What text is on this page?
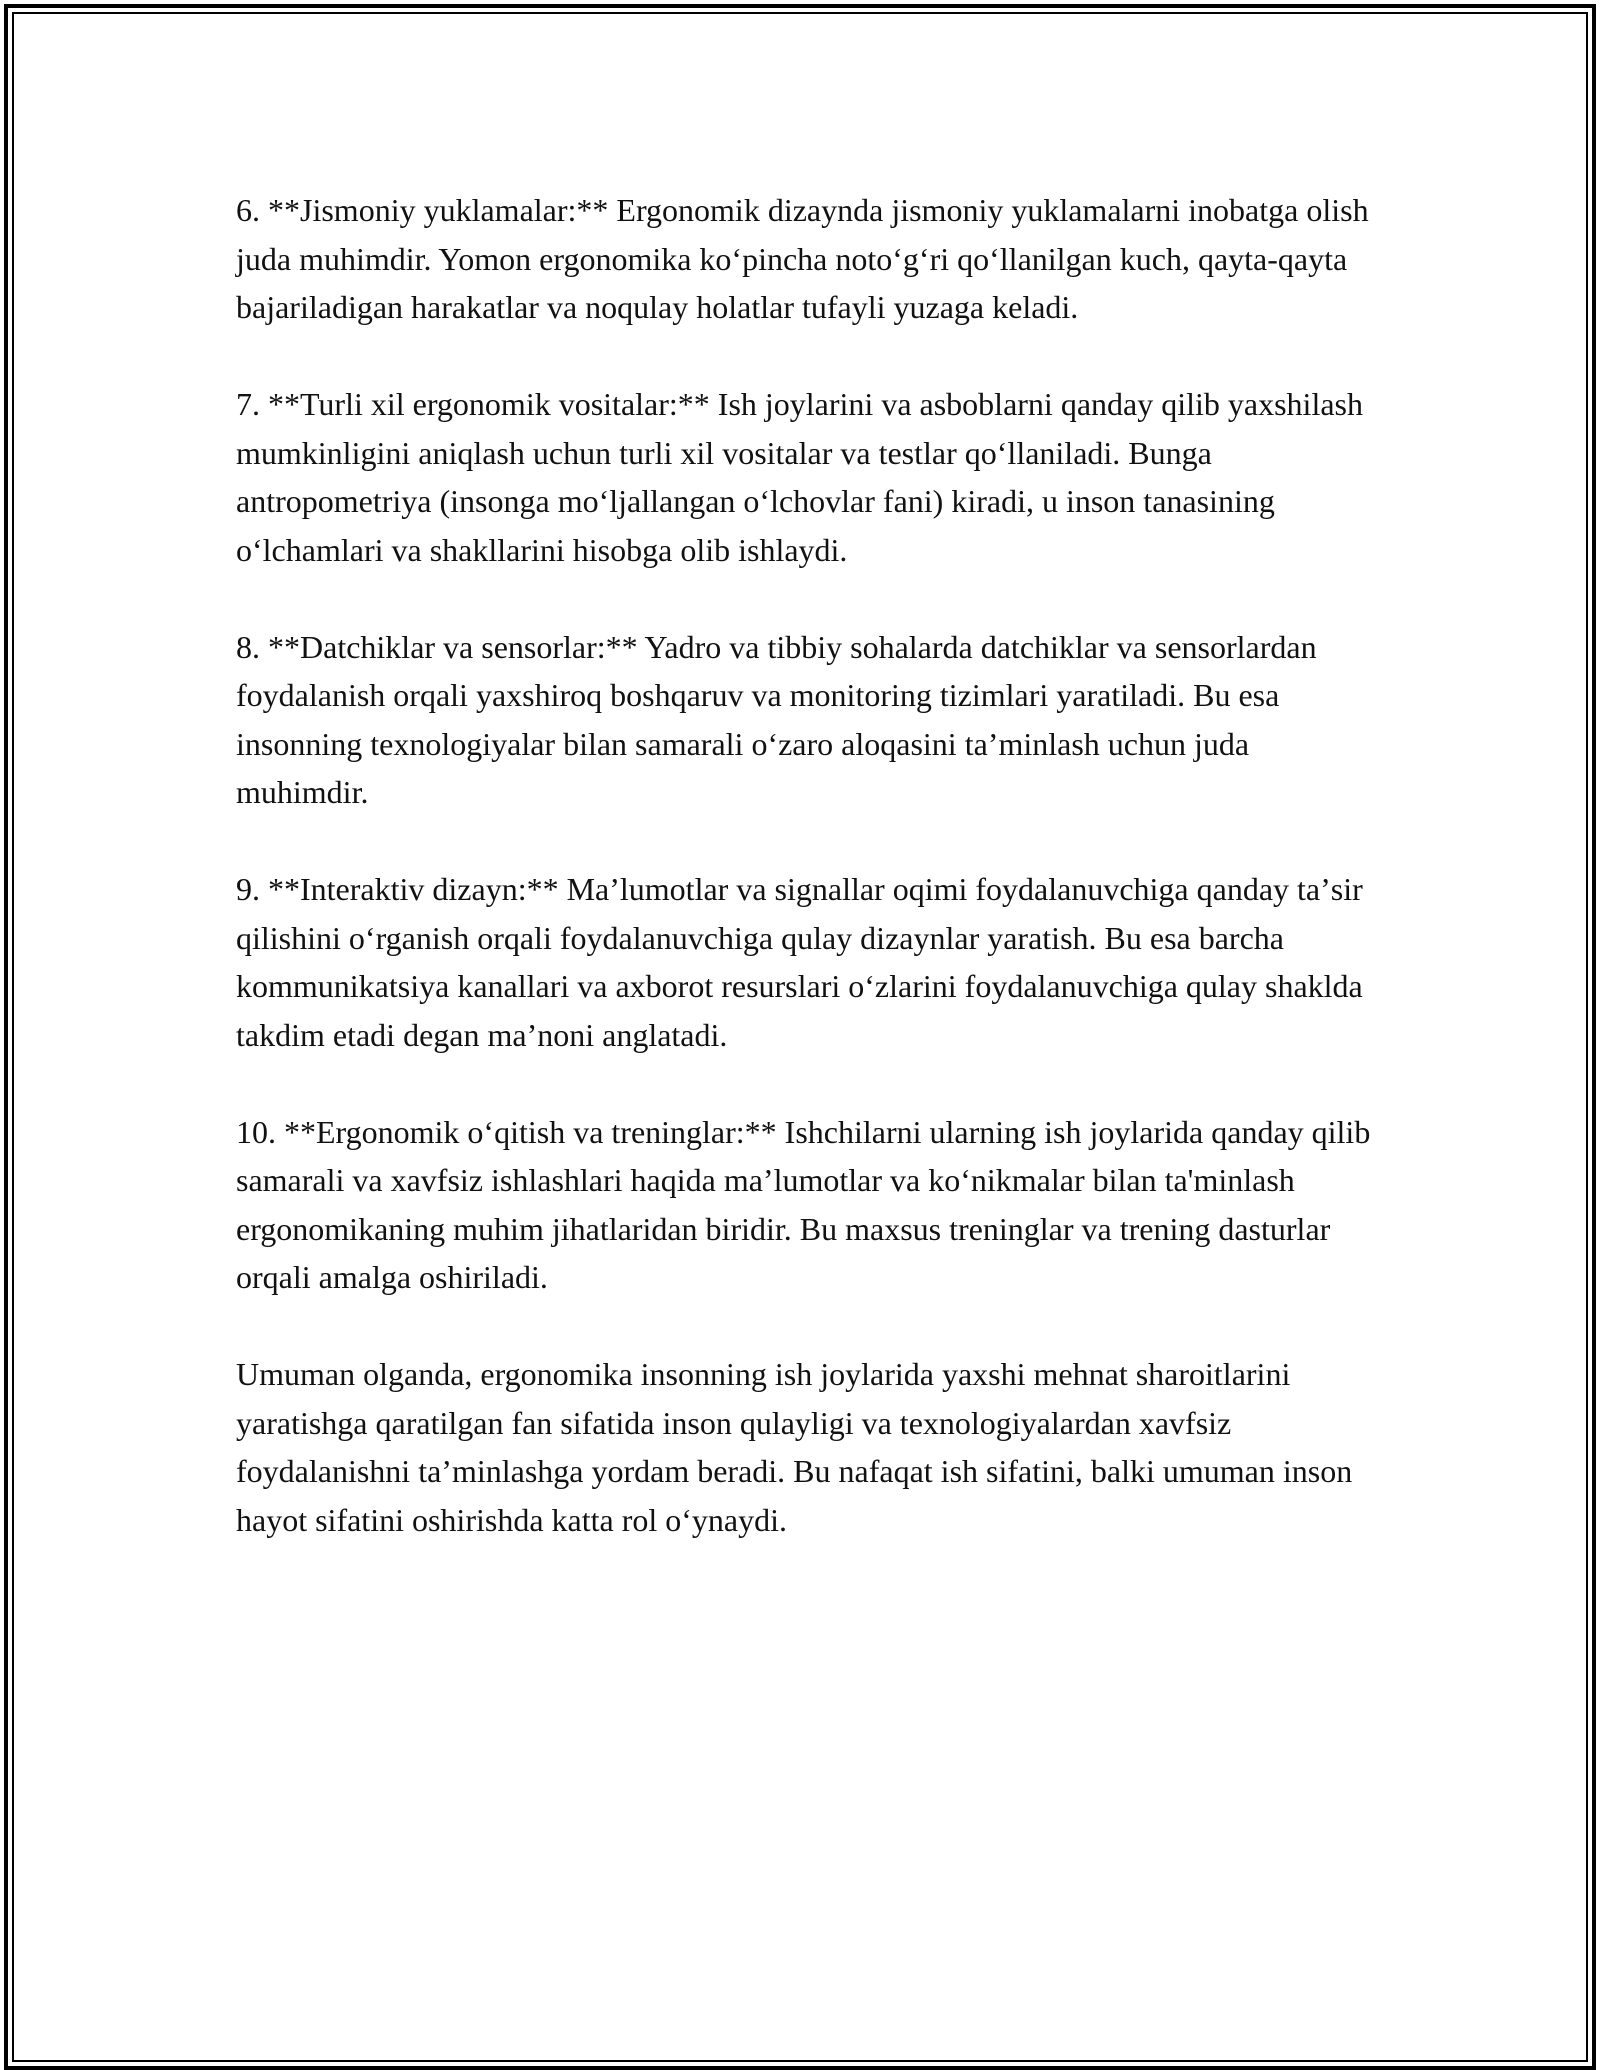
6. **Jismoniy yuklamalar:** Ergonomik dizaynda jismoniy yuklamalarni inobatga olish juda muhimdir. Yomon ergonomika koʻpincha notoʻgʻri qoʻllanilgan kuch, qayta-qayta bajariladigan harakatlar va noqulay holatlar tufayli yuzaga keladi.

7. **Turli xil ergonomik vositalar:** Ish joylarini va asboblarni qanday qilib yaxshilash mumkinligini aniqlash uchun turli xil vositalar va testlar qoʻllaniladi. Bunga antropometriya (insonga moʻljallangan oʻlchovlar fani) kiradi, u inson tanasining oʻlchamlari va shakllarini hisobga olib ishlaydi.

8. **Datchiklar va sensorlar:** Yadro va tibbiy sohalarda datchiklar va sensorlardan foydalanish orqali yaxshiroq boshqaruv va monitoring tizimlari yaratiladi. Bu esa insonning texnologiyalar bilan samarali oʻzaro aloqasini taʼminlash uchun juda muhimdir.

9. **Interaktiv dizayn:** Maʼlumotlar va signallar oqimi foydalanuvchiga qanday taʼsir qilishini oʻrganish orqali foydalanuvchiga qulay dizaynlar yaratish. Bu esa barcha kommunikatsiya kanallari va axborot resurslari oʻzlarini foydalanuvchiga qulay shakldа takdim etadi degan maʼnoni anglatadi.

10. **Ergonomik oʻqitish va treninglar:** Ishchilarni ularning ish joylarida qanday qilib samarali va xavfsiz ishlashlari haqida maʼlumotlar va koʻnikmalar bilan ta'minlash ergonomikaning muhim jihatlaridan biridir. Bu maxsus treninglar va trening dasturlar orqali amalga oshiriladi.

Umuman olganda, ergonomika insonning ish joylarida yaxshi mehnat sharoitlarini yaratishga qaratilgan fan sifatida inson qulayligi va texnologiyalardan xavfsiz foydalanishni taʼminlashga yordam beradi. Bu nafaqat ish sifatini, balki umuman inson hayot sifatini oshirishda katta rol oʻynaydi.
